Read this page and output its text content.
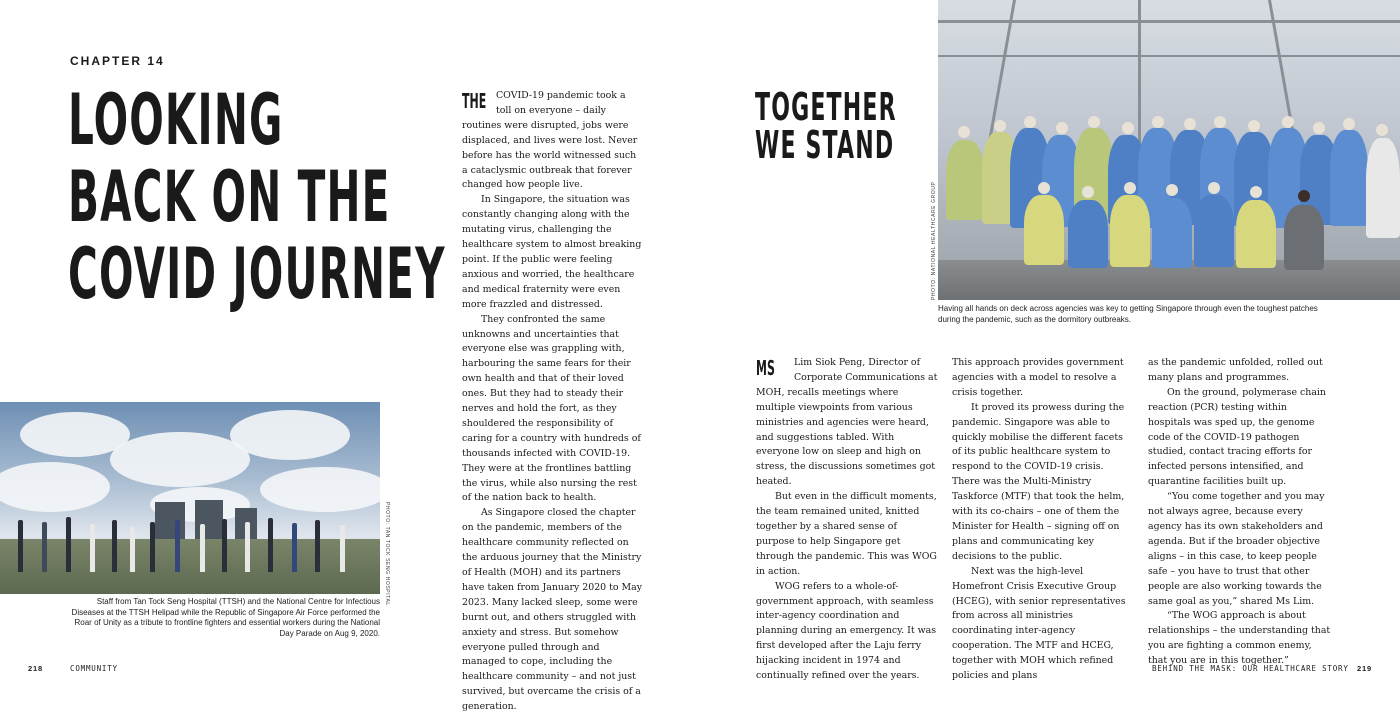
CHAPTER 14
LOOKING
BACK ON THE
COVID JOURNEY
PHOTO: TAN TOCK SENG HOSPITAL
Staff from Tan Tock Seng Hospital (TTSH) and the National Centre for Infectious Diseases at the TTSH Helipad while the Republic of Singapore Air Force performed the Roar of Unity as a tribute to frontline fighters and essential workers during the National Day Parade on Aug 9, 2020.
THE	COVID-19 pandemic took a toll on everyone – daily routines were disrupted, jobs were displaced, and lives were lost. Never before has the world witnessed such a cataclysmic outbreak that forever changed how people live.

In Singapore, the situation was constantly changing along with the mutating virus, challenging the healthcare system to almost breaking point. If the public were feeling anxious and worried, the healthcare and medical fraternity were even more frazzled and distressed.

They confronted the same unknowns and uncertainties that everyone else was grappling with, harbouring the same fears for their own health and that of their loved ones. But they had to steady their nerves and hold the fort, as they shouldered the responsibility of caring for a country with hundreds of thousands infected with COVID-19. They were at the frontlines battling the virus, while also nursing the rest of the nation back to health.

As Singapore closed the chapter on the pandemic, members of the healthcare community reflected on the arduous journey that the Ministry of Health (MOH) and its partners have taken from January 2020 to May 2023. Many lacked sleep, some were burnt out, and others struggled with anxiety and stress. But somehow everyone pulled through and managed to cope, including the healthcare community – and not just survived, but overcame the crisis of a generation.

218	COMMUNITY
TOGETHER
WE STAND
PHOTO: NATIONAL HEALTHCARE GROUP
Having all hands on deck across agencies was key to getting Singapore through even the toughest patches during the pandemic, such as the dormitory outbreaks.
MS	Lim Siok Peng, Director of Corporate Communications at MOH, recalls meetings where multiple viewpoints from various ministries and agencies were heard, and suggestions tabled. With everyone low on sleep and high on stress, the discussions sometimes got heated.

But even in the difficult moments, the team remained united, knitted together by a shared sense of purpose to help Singapore get through the pandemic. This was WOG in action.

WOG refers to a whole-of-government approach, with seamless inter-agency coordination and planning during an emergency. It was first developed after the Laju ferry hijacking incident in 1974 and continually refined over the years.

This approach provides government agencies with a model to resolve a crisis together.

It proved its prowess during the pandemic. Singapore was able to quickly mobilise the different facets of its public healthcare system to respond to the COVID-19 crisis. There was the Multi-Ministry Taskforce (MTF) that took the helm, with its co-chairs – one of them the Minister for Health – signing off on plans and communicating key decisions to the public.

Next was the high-level Homefront Crisis Executive Group (HCEG), with senior representatives from across all ministries coordinating inter-agency cooperation. The MTF and HCEG, together with MOH which refined policies and plans

as the pandemic unfolded, rolled out many plans and programmes.

On the ground, polymerase chain reaction (PCR) testing within hospitals was sped up, the genome code of the COVID-19 pathogen studied, contact tracing efforts for infected persons intensified, and quarantine facilities built up.

“You come together and you may not always agree, because every agency has its own stakeholders and agenda. But if the broader objective aligns – in this case, to keep people safe – you have to trust that other people are also working towards the same goal as you,” shared Ms Lim.

“The WOG approach is about relationships – the understanding that you are fighting a common enemy, that you are in this together.”

BEHIND THE MASK: OUR HEALTHCARE STORY 219
